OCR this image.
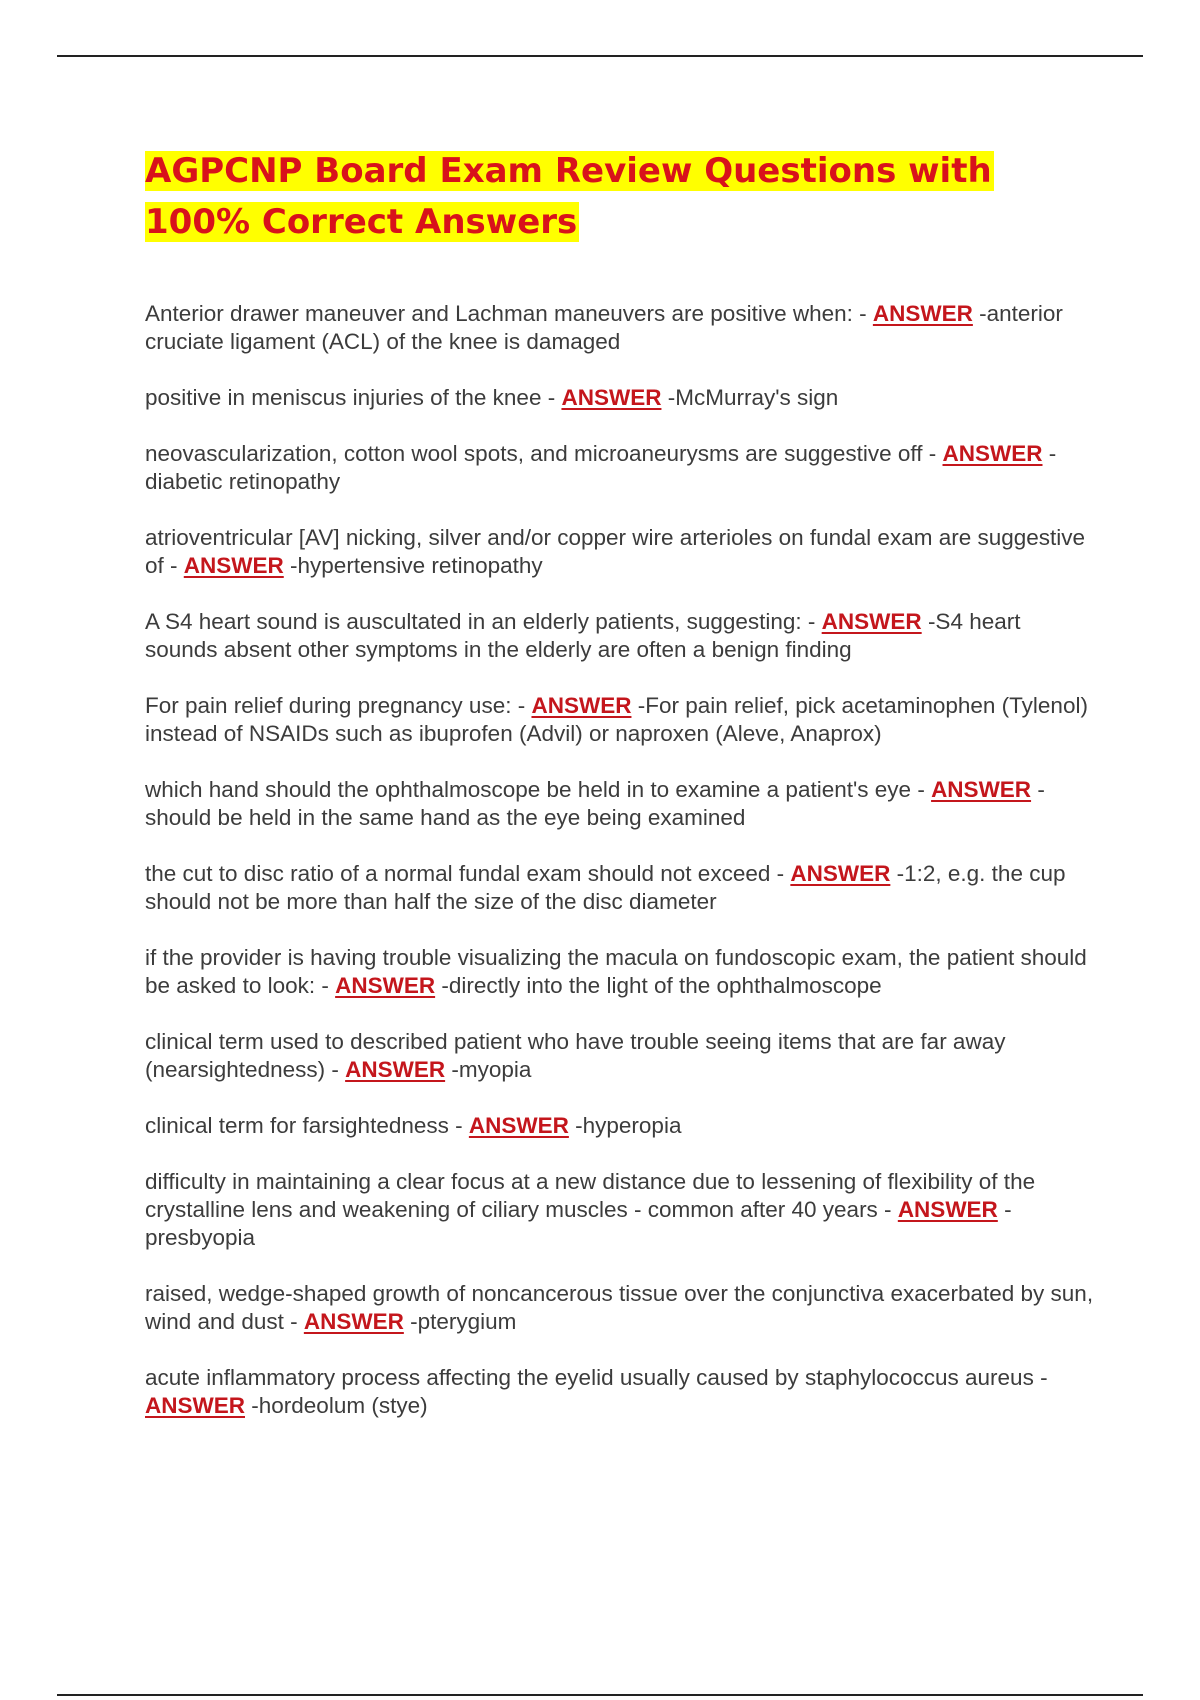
AGPCNP Board Exam Review Questions with 100% Correct Answers

Anterior drawer maneuver and Lachman maneuvers are positive when: - ANSWER -anterior cruciate ligament (ACL) of the knee is damaged

positive in meniscus injuries of the knee - ANSWER -McMurray's sign

neovascularization, cotton wool spots, and microaneurysms are suggestive off - ANSWER -diabetic retinopathy

atrioventricular [AV] nicking, silver and/or copper wire arterioles on fundal exam are suggestive of - ANSWER -hypertensive retinopathy

A S4 heart sound is auscultated in an elderly patients, suggesting: - ANSWER -S4 heart sounds absent other symptoms in the elderly are often a benign finding

For pain relief during pregnancy use: - ANSWER -For pain relief, pick acetaminophen (Tylenol) instead of NSAIDs such as ibuprofen (Advil) or naproxen (Aleve, Anaprox)

which hand should the ophthalmoscope be held in to examine a patient's eye - ANSWER -should be held in the same hand as the eye being examined

the cut to disc ratio of a normal fundal exam should not exceed - ANSWER -1:2, e.g. the cup should not be more than half the size of the disc diameter

if the provider is having trouble visualizing the macula on fundoscopic exam, the patient should be asked to look: - ANSWER -directly into the light of the ophthalmoscope

clinical term used to described patient who have trouble seeing items that are far away (nearsightedness) - ANSWER -myopia

clinical term for farsightedness - ANSWER -hyperopia

difficulty in maintaining a clear focus at a new distance due to lessening of flexibility of the crystalline lens and weakening of ciliary muscles - common after 40 years - ANSWER -presbyopia

raised, wedge-shaped growth of noncancerous tissue over the conjunctiva exacerbated by sun, wind and dust - ANSWER -pterygium

acute inflammatory process affecting the eyelid usually caused by staphylococcus aureus - ANSWER -hordeolum (stye)
